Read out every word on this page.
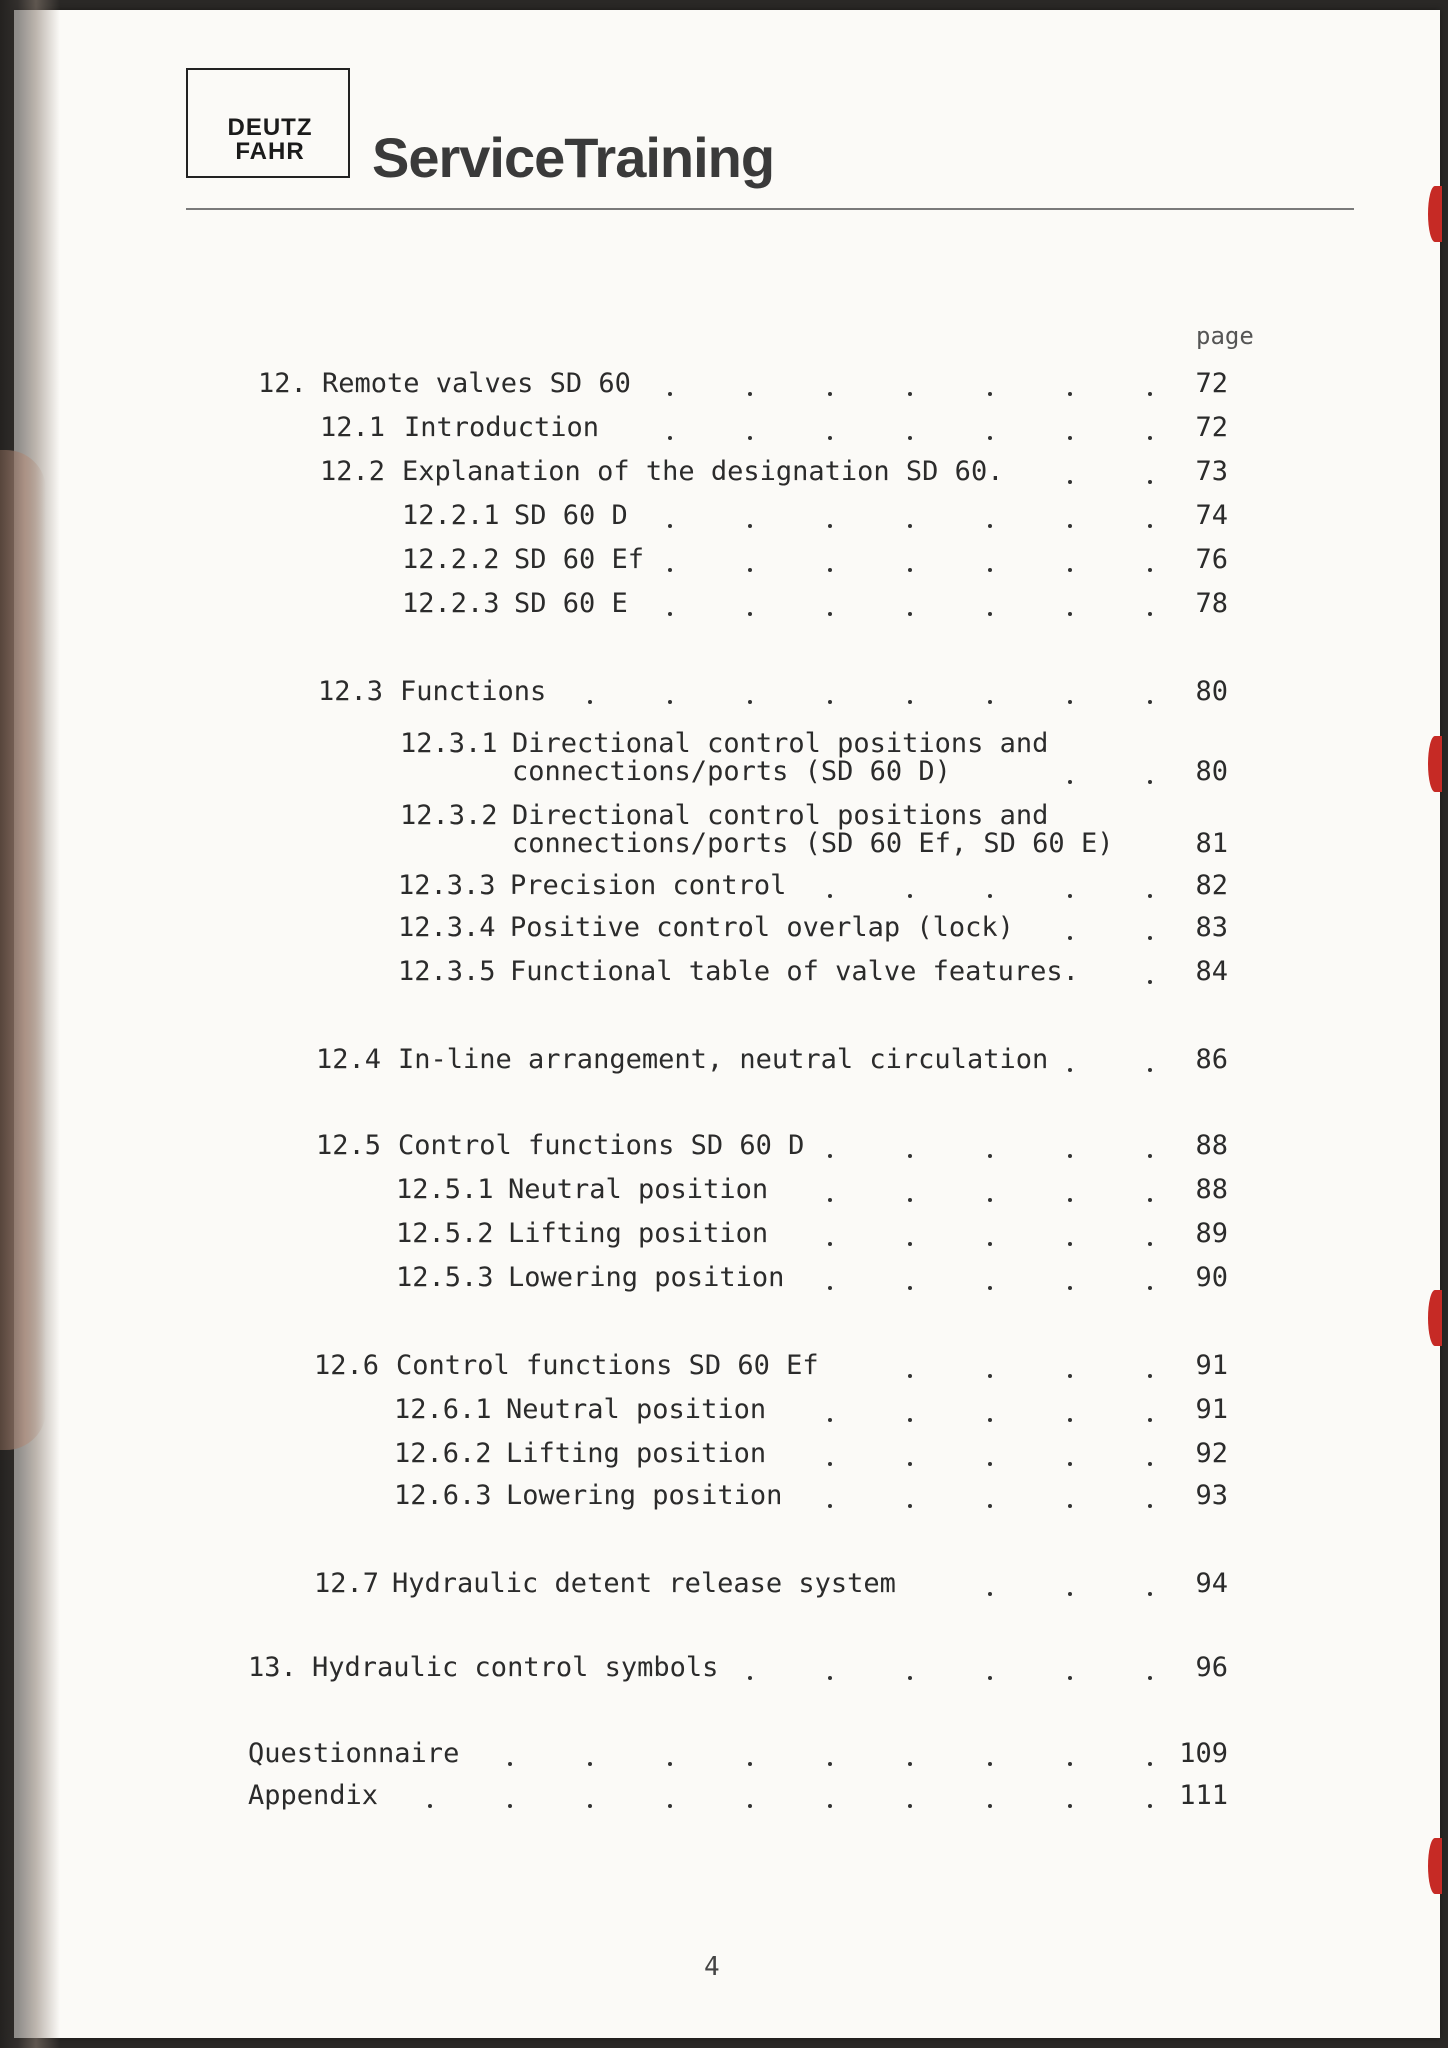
DEUTZ
FAHR	ServiceTraining
page
12. Remote valves SD 60	72
12.1 Introduction	72
12.2 Explanation of the designation SD 60.	73
12.2.1 SD 60 D	74
12.2.2 SD 60 Ef	76
12.2.3 SD 60 E	78
12.3 Functions	80
12.3.1 Directional control positions and
connections/ports (SD 60 D)	80
12.3.2 Directional control positions and
connections/ports (SD 60 Ef, SD 60 E)	81
12.3.3 Precision control	82
12.3.4 Positive control overlap (lock)	83
12.3.5 Functional table of valve features.	84
12.4 In-line arrangement, neutral circulation	86
12.5 Control functions SD 60 D	88
12.5.1 Neutral position	88
12.5.2 Lifting position	89
12.5.3 Lowering position	90
12.6 Control functions SD 60 Ef	91
12.6.1 Neutral position	91
12.6.2 Lifting position	92
12.6.3 Lowering position	93
12.7 Hydraulic detent release system	94
13. Hydraulic control symbols	96
Questionnaire	109
Appendix	111
4
